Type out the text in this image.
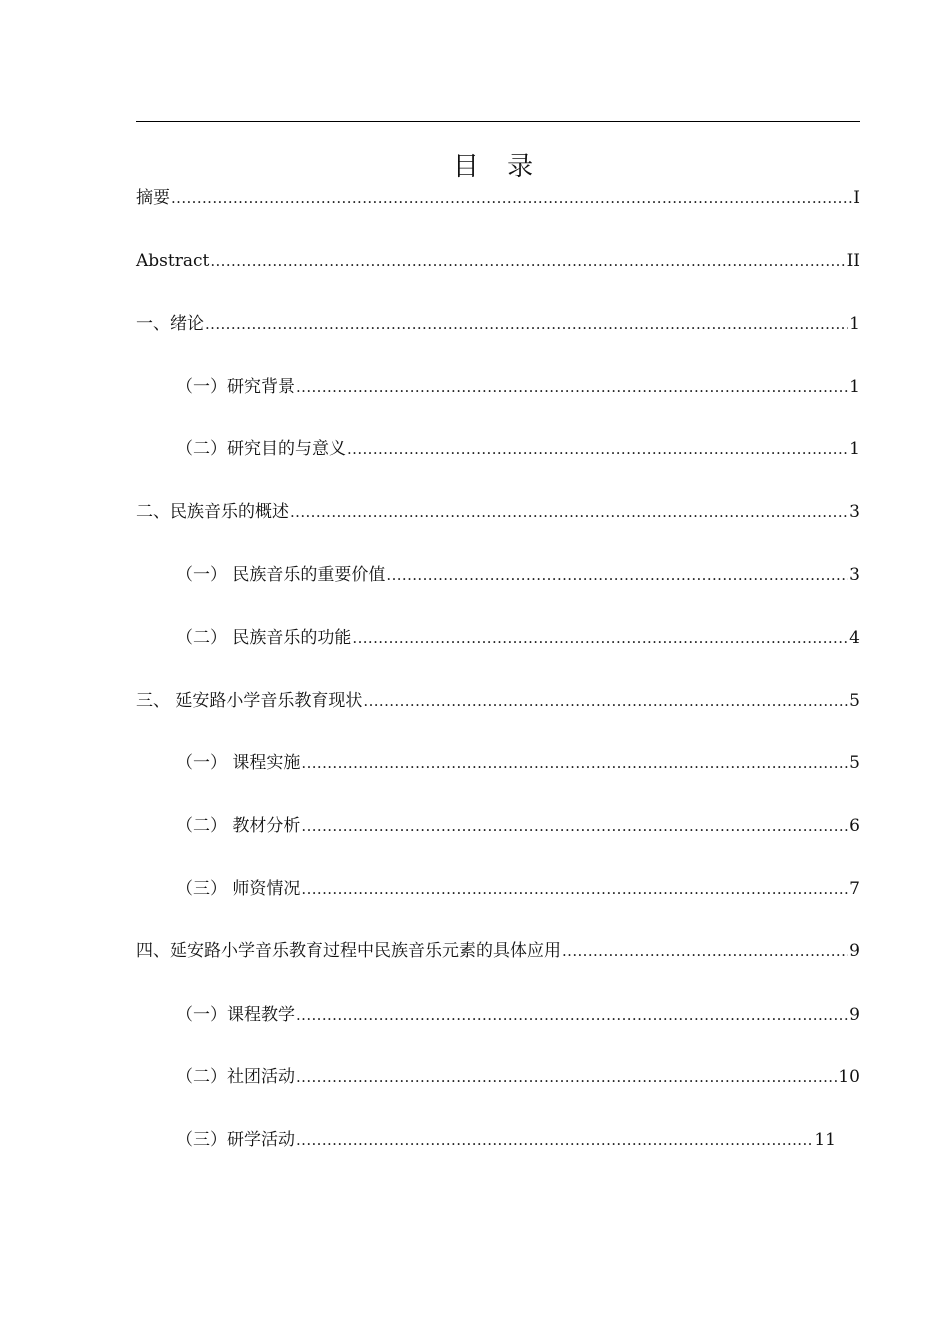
目 录
摘要 .....	I
Abstract .....	II
一、绪论 .....	1
（一）研究背景 .....	1
（二）研究目的与意义 .....	1
二、民族音乐的概述 .....	3
（一） 民族音乐的重要价值 .....	3
（二） 民族音乐的功能 .....	4
三、 延安路小学音乐教育现状 .....	5
（一） 课程实施 .....	5
（二） 教材分析 .....	6
（三） 师资情况 .....	7
四、延安路小学音乐教育过程中民族音乐元素的具体应用 .....	9
（一）课程教学 .....	9
（二）社团活动 .....	10
（三）研学活动 .....	11
